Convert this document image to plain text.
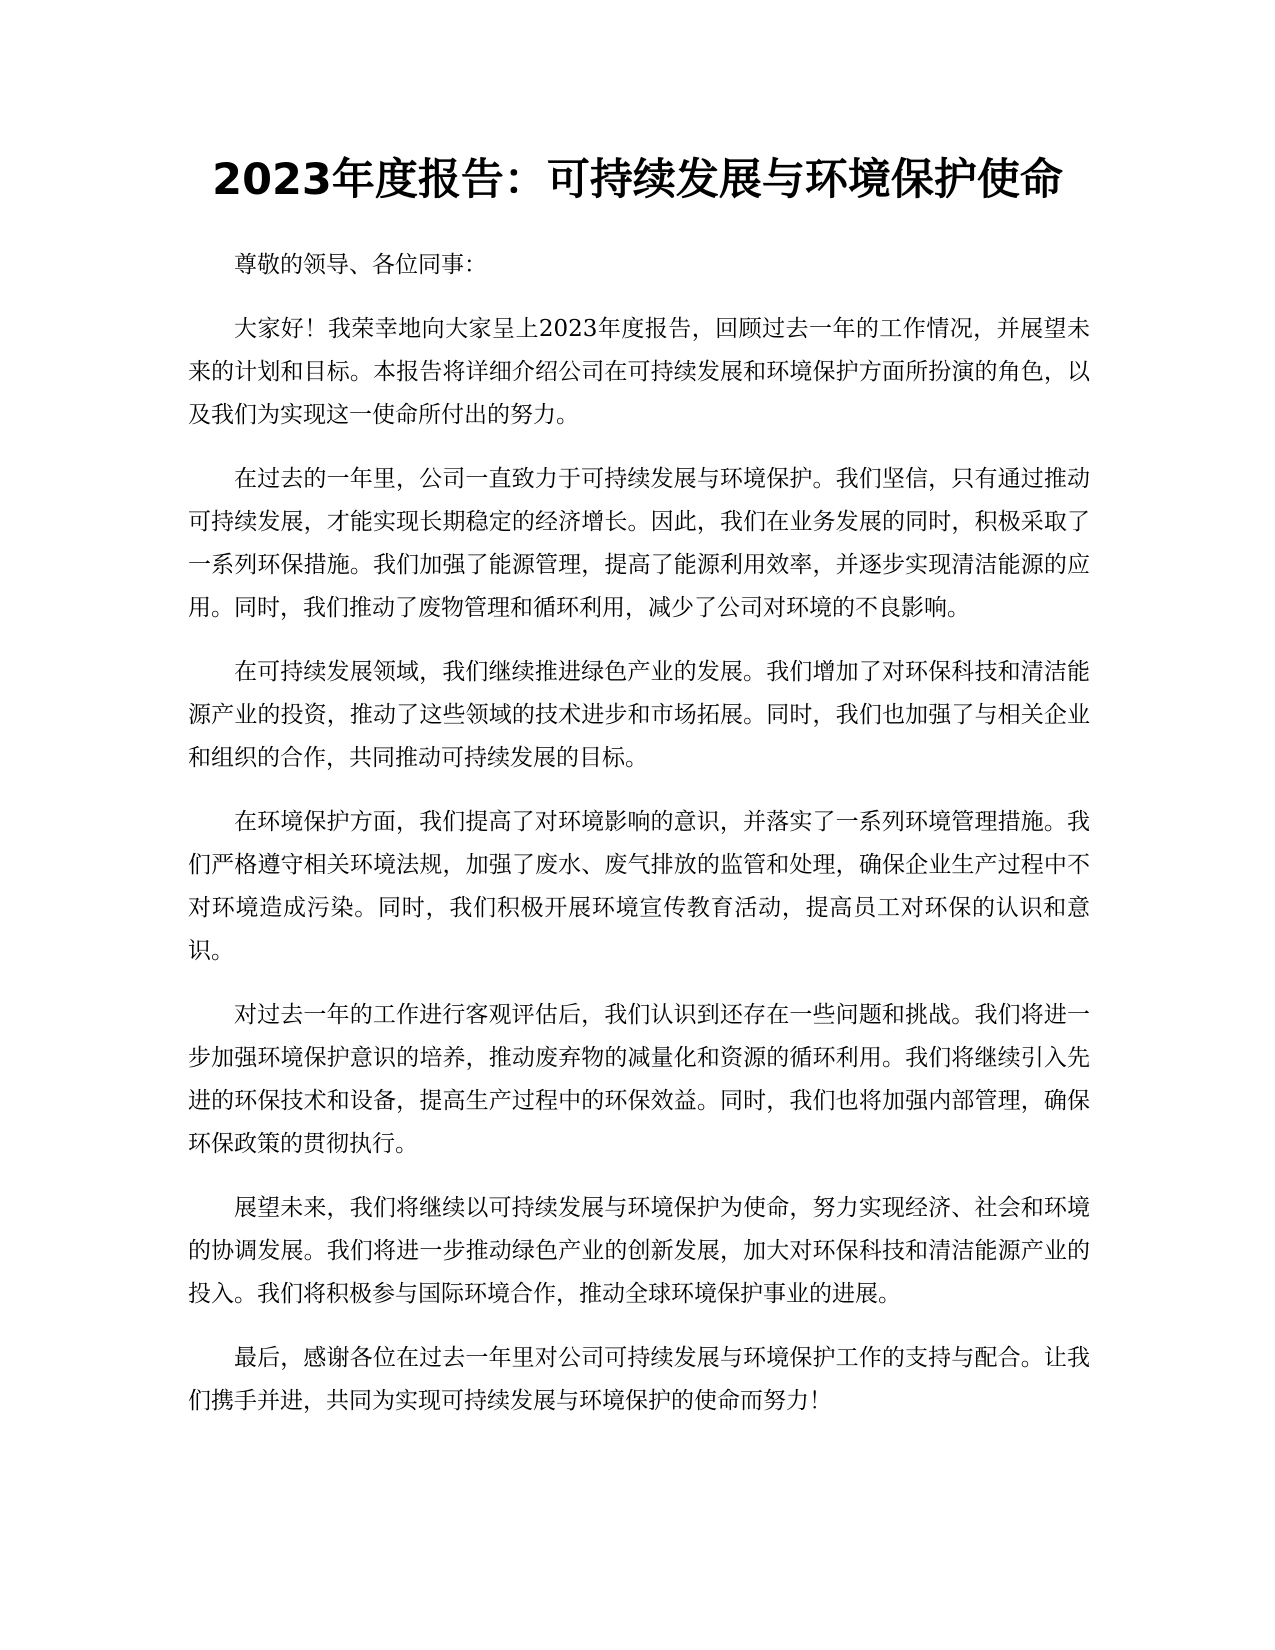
2023年度报告：可持续发展与环境保护使命

尊敬的领导、各位同事：

大家好！我荣幸地向大家呈上2023年度报告，回顾过去一年的工作情况，并展望未来的计划和目标。本报告将详细介绍公司在可持续发展和环境保护方面所扮演的角色，以及我们为实现这一使命所付出的努力。

在过去的一年里，公司一直致力于可持续发展与环境保护。我们坚信，只有通过推动可持续发展，才能实现长期稳定的经济增长。因此，我们在业务发展的同时，积极采取了一系列环保措施。我们加强了能源管理，提高了能源利用效率，并逐步实现清洁能源的应用。同时，我们推动了废物管理和循环利用，减少了公司对环境的不良影响。

在可持续发展领域，我们继续推进绿色产业的发展。我们增加了对环保科技和清洁能源产业的投资，推动了这些领域的技术进步和市场拓展。同时，我们也加强了与相关企业和组织的合作，共同推动可持续发展的目标。

在环境保护方面，我们提高了对环境影响的意识，并落实了一系列环境管理措施。我们严格遵守相关环境法规，加强了废水、废气排放的监管和处理，确保企业生产过程中不对环境造成污染。同时，我们积极开展环境宣传教育活动，提高员工对环保的认识和意识。

对过去一年的工作进行客观评估后，我们认识到还存在一些问题和挑战。我们将进一步加强环境保护意识的培养，推动废弃物的减量化和资源的循环利用。我们将继续引入先进的环保技术和设备，提高生产过程中的环保效益。同时，我们也将加强内部管理，确保环保政策的贯彻执行。

展望未来，我们将继续以可持续发展与环境保护为使命，努力实现经济、社会和环境的协调发展。我们将进一步推动绿色产业的创新发展，加大对环保科技和清洁能源产业的投入。我们将积极参与国际环境合作，推动全球环境保护事业的进展。

最后，感谢各位在过去一年里对公司可持续发展与环境保护工作的支持与配合。让我们携手并进，共同为实现可持续发展与环境保护的使命而努力！
